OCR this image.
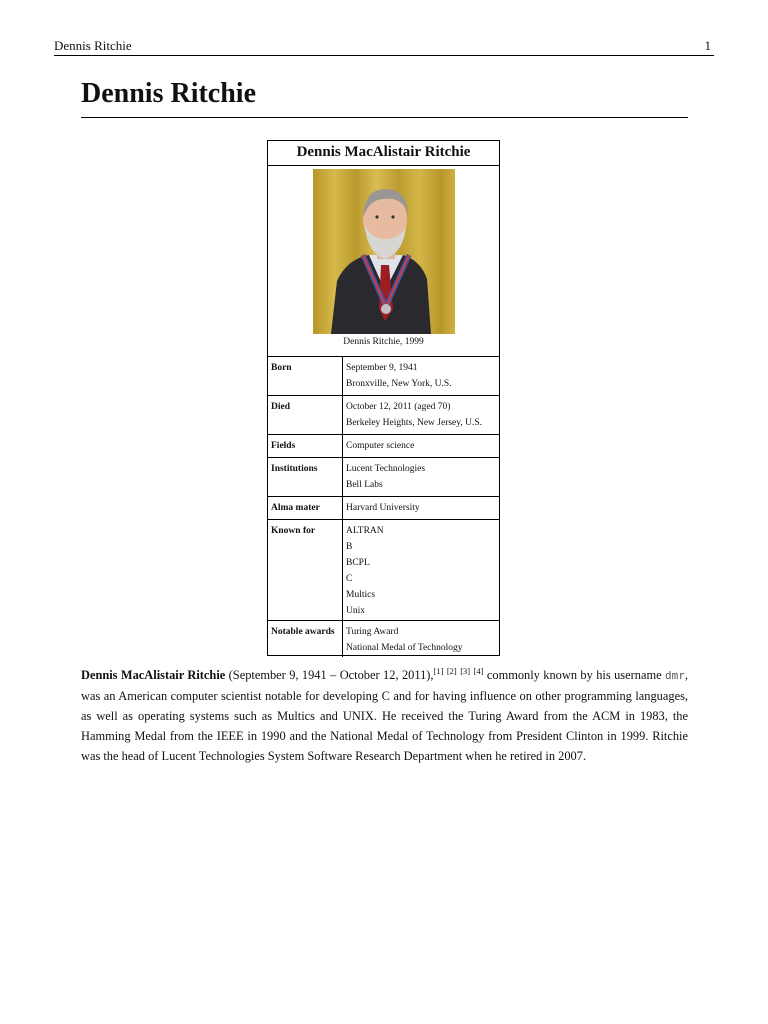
Dennis Ritchie	1
Dennis Ritchie
Dennis MacAlistair Ritchie
Dennis Ritchie, 1999
Born	September 9, 1941
Bronxville, New York, U.S.
Died	October 12, 2011 (aged 70)
Berkeley Heights, New Jersey, U.S.
Fields	Computer science
Institutions	Lucent Technologies
Bell Labs
Alma mater	Harvard University
Known for	ALTRAN
B
BCPL
C
Multics
Unix
Notable awards	Turing Award
National Medal of Technology

Dennis MacAlistair Ritchie (September 9, 1941 – October 12, 2011),[1] [2] [3] [4] commonly known by his username dmr, was an American computer scientist notable for developing C and for having influence on other programming languages, as well as operating systems such as Multics and UNIX. He received the Turing Award from the ACM in 1983, the Hamming Medal from the IEEE in 1990 and the National Medal of Technology from President Clinton in 1999. Ritchie was the head of Lucent Technologies System Software Research Department when he retired in 2007.
